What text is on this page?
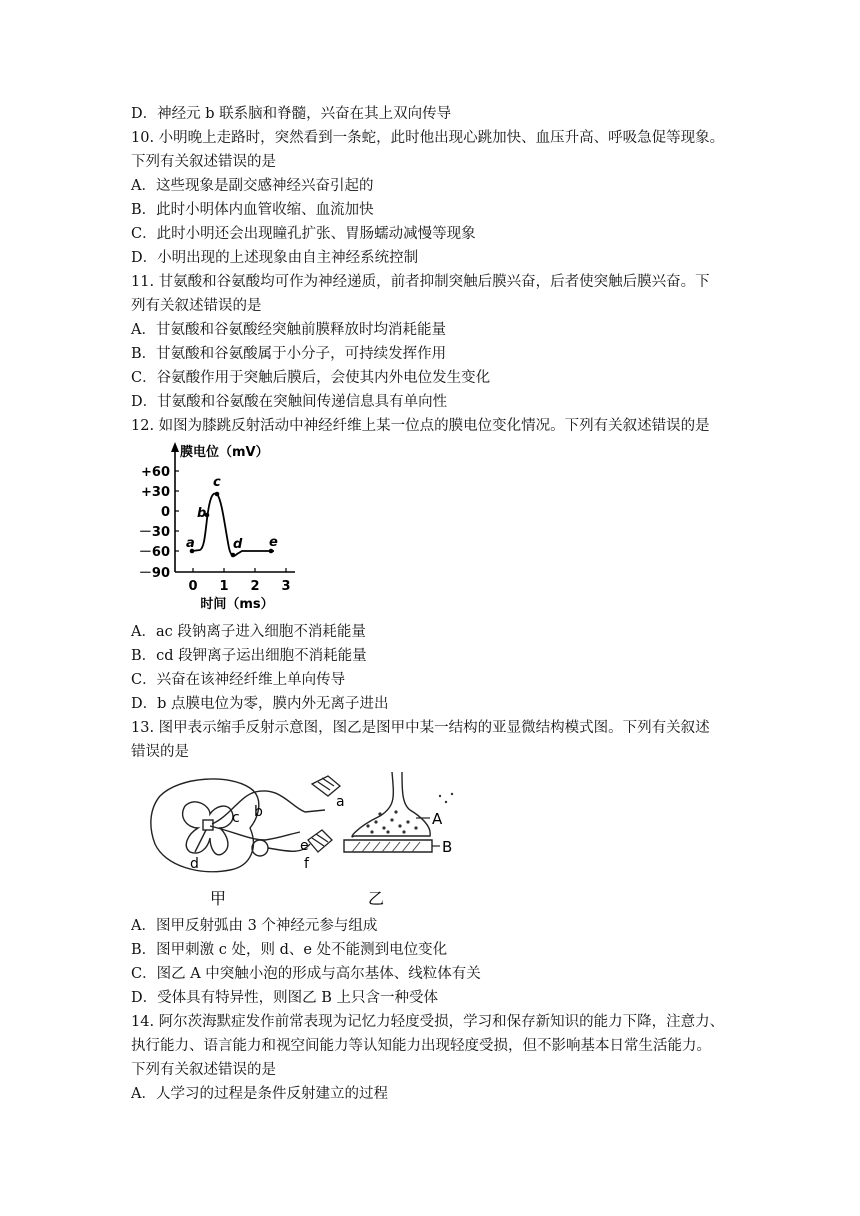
D．神经元 b 联系脑和脊髓，兴奋在其上双向传导
10. 小明晚上走路时，突然看到一条蛇，此时他出现心跳加快、血压升高、呼吸急促等现象。
下列有关叙述错误的是
A．这些现象是副交感神经兴奋引起的
B．此时小明体内血管收缩、血流加快
C．此时小明还会出现瞳孔扩张、胃肠蠕动减慢等现象
D．小明出现的上述现象由自主神经系统控制
11. 甘氨酸和谷氨酸均可作为神经递质，前者抑制突触后膜兴奋，后者使突触后膜兴奋。下
列有关叙述错误的是
A．甘氨酸和谷氨酸经突触前膜释放时均消耗能量
B．甘氨酸和谷氨酸属于小分子，可持续发挥作用
C．谷氨酸作用于突触后膜后，会使其内外电位发生变化
D．甘氨酸和谷氨酸在突触间传递信息具有单向性
12. 如图为膝跳反射活动中神经纤维上某一位点的膜电位变化情况。下列有关叙述错误的是
膜电位（mV）
+60
+30
0
－30
－60
－90
0 1 2 3
时间（ms）
a
b
c
d e
A．ac 段钠离子进入细胞不消耗能量
B．cd 段钾离子运出细胞不消耗能量
C．兴奋在该神经纤维上单向传导
D．b 点膜电位为零，膜内外无离子进出
13. 图甲表示缩手反射示意图，图乙是图甲中某一结构的亚显微结构模式图。下列有关叙述
错误的是
a
b
c
d
e
f
甲
A
B
乙
A．图甲反射弧由 3 个神经元参与组成
B．图甲刺激 c 处，则 d、e 处不能测到电位变化
C．图乙 A 中突触小泡的形成与高尔基体、线粒体有关
D．受体具有特异性，则图乙 B 上只含一种受体
14. 阿尔茨海默症发作前常表现为记忆力轻度受损，学习和保存新知识的能力下降，注意力、
执行能力、语言能力和视空间能力等认知能力出现轻度受损，但不影响基本日常生活能力。
下列有关叙述错误的是
A．人学习的过程是条件反射建立的过程
